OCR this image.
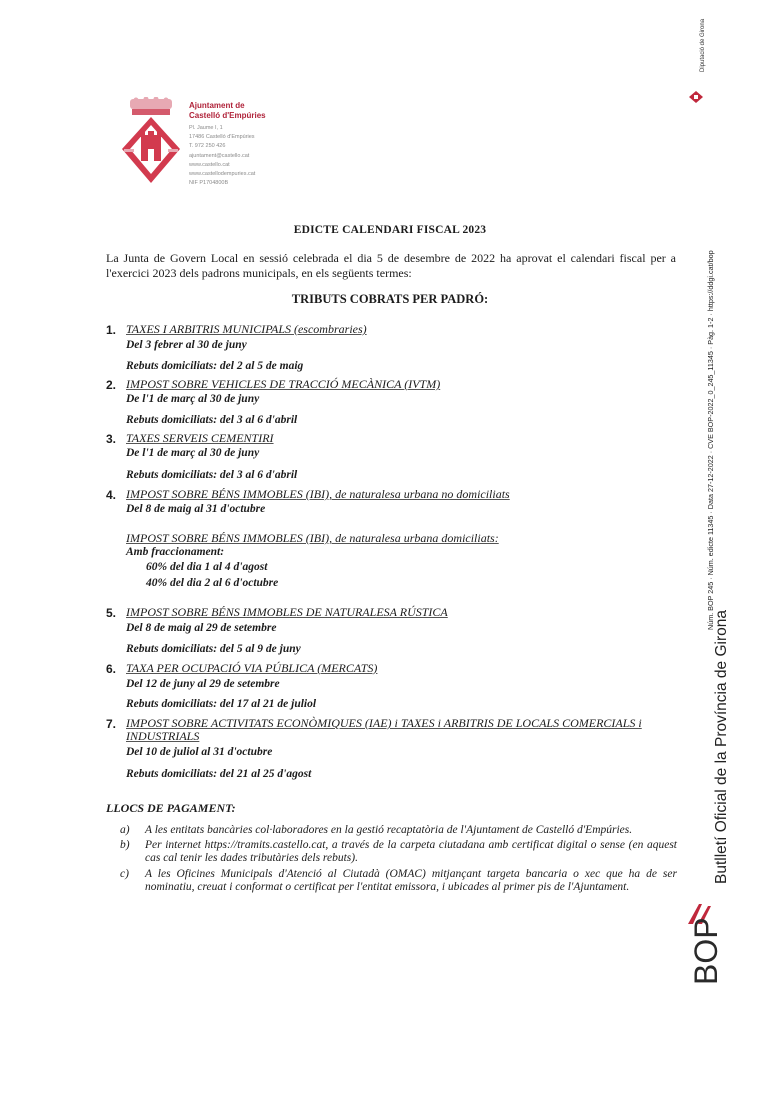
Ajuntament de
Castelló d'Empúries
Pl. Jaume I, 1
17486 Castelló d'Empúries
T. 972 250 426
ajuntament@castello.cat
www.castello.cat
www.castellodempuries.cat
NIF P1704800B
EDICTE CALENDARI FISCAL 2023
La Junta de Govern Local en sessió celebrada el dia 5 de desembre de 2022 ha aprovat el calendari fiscal per a l'exercici 2023 dels padrons municipals, en els següents termes:
TRIBUTS COBRATS PER PADRÓ:
1. TAXES I ARBITRIS MUNICIPALS (escombraries)
Del 3 febrer al 30 de juny
Rebuts domiciliats: del 2 al 5 de maig
2. IMPOST SOBRE VEHICLES DE TRACCIÓ MECÀNICA (IVTM)
De l'1 de març al 30 de juny
Rebuts domiciliats: del 3 al 6 d'abril
3. TAXES SERVEIS CEMENTIRI
De l'1 de març al 30 de juny
Rebuts domiciliats: del 3 al 6 d'abril
4. IMPOST SOBRE BÉNS IMMOBLES (IBI), de naturalesa urbana no domiciliats
Del 8 de maig al 31 d'octubre
IMPOST SOBRE BÉNS IMMOBLES (IBI), de naturalesa urbana domiciliats:
Amb fraccionament:
60% del dia 1 al 4 d'agost
40% del dia 2 al 6 d'octubre
5. IMPOST SOBRE BÉNS IMMOBLES DE NATURALESA RÚSTICA
Del 8 de maig al 29 de setembre
Rebuts domiciliats: del 5 al 9 de juny
6. TAXA PER OCUPACIÓ VIA PÚBLICA (MERCATS)
Del 12 de juny al 29 de setembre
Rebuts domiciliats: del 17 al 21 de juliol
7. IMPOST SOBRE ACTIVITATS ECONÒMIQUES (IAE) i TAXES i ARBITRIS DE LOCALS COMERCIALS i INDUSTRIALS
Del 10 de juliol al 31 d'octubre
Rebuts domiciliats: del 21 al 25 d'agost
LLOCS DE PAGAMENT:
a) A les entitats bancàries col·laboradores en la gestió recaptatòria de l'Ajuntament de Castelló d'Empúries.
b) Per internet https://tramits.castello.cat, a través de la carpeta ciutadana amb certificat digital o sense (en aquest cas cal tenir les dades tributàries dels rebuts).
c) A les Oficines Municipals d'Atenció al Ciutadà (OMAC) mitjançant targeta bancaria o xec que ha de ser nominatiu, creuat i conformat o certificat per l'entitat emissora, i ubicades al primer pis de l'Ajuntament.
Diputació de Girona
Núm. BOP 245 · Núm. edicte 11345 · Data 27-12-2022 · CVE BOP-2022_0_245_11345 · Pàg. 1-2 · https://ddgi.cat/bop
Butlletí Oficial de la Província de Girona
BOP
